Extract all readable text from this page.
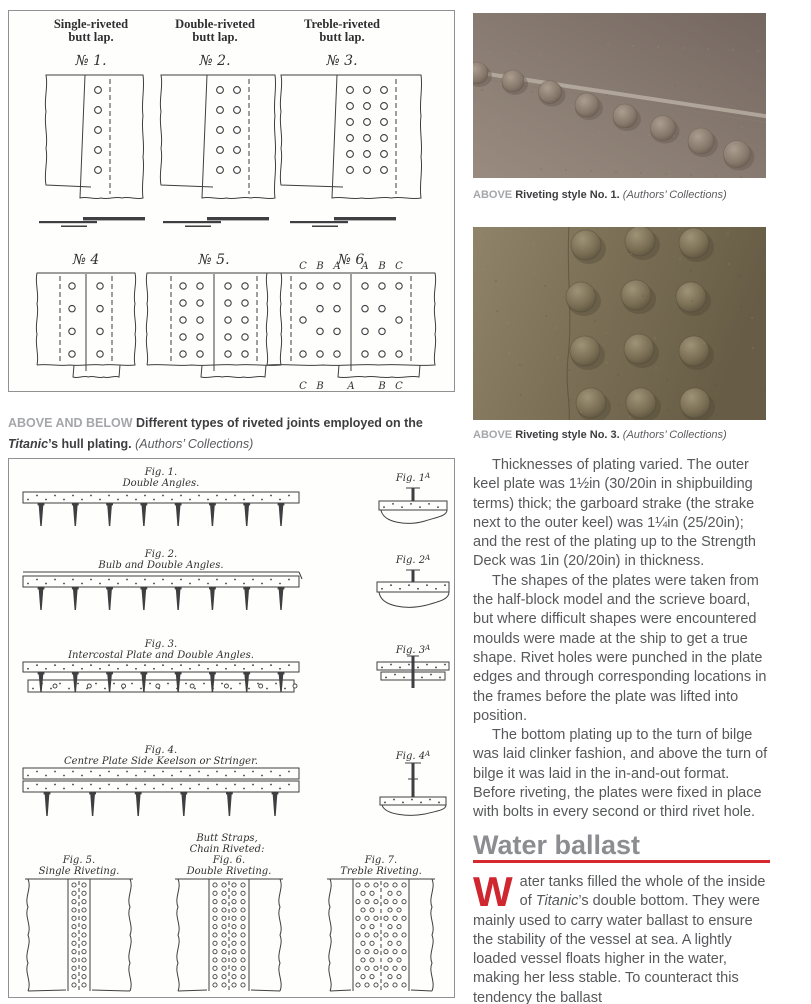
Single-riveted
butt lap.
№ 1.
Double-riveted
butt lap.
№ 2.
Treble-riveted
butt lap.
№ 3.
№ 4	№ 5.	№ 6
C B A A B C
C B A B C

ABOVE AND BELOW Different types of riveted joints employed on the Titanic’s hull plating. (Authors’ Collections)

Fig. 1.
Double Angles.	Fig. $1^A$
Fig. 2.
Bulb and Double Angles.	Fig. $2^A$
Fig. 3.
Intercostal Plate and Double Angles.	Fig. $3^A$
Fig. 4.
Centre Plate Side Keelson or Stringer.	Fig. $4^A$
Butt Straps,
Chain Riveted:
Fig. 5.
Single Riveting.
Fig. 6.
Double Riveting.
Fig. 7.
Treble Riveting.

ABOVE Riveting style No. 1. (Authors’ Collections)

ABOVE Riveting style No. 3. (Authors’ Collections)

Thicknesses of plating varied. The outer keel plate was 1½in (30/20in in shipbuilding terms) thick; the garboard strake (the strake next to the outer keel) was 1¼in (25/20in); and the rest of the plating up to the Strength Deck was 1in (20/20in) in thickness.

The shapes of the plates were taken from the half-block model and the scrieve board, but where difficult shapes were encountered moulds were made at the ship to get a true shape. Rivet holes were punched in the plate edges and through corresponding locations in the frames before the plate was lifted into position.

The bottom plating up to the turn of bilge was laid clinker fashion, and above the turn of bilge it was laid in the in-and-out format. Before riveting, the plates were fixed in place with bolts in every second or third rivet hole.

Water ballast

Water tanks filled the whole of the inside of Titanic’s double bottom. They were mainly used to carry water ballast to ensure the stability of the vessel at sea. A lightly loaded vessel floats higher in the water, making her less stable. To counteract this tendency the ballast
